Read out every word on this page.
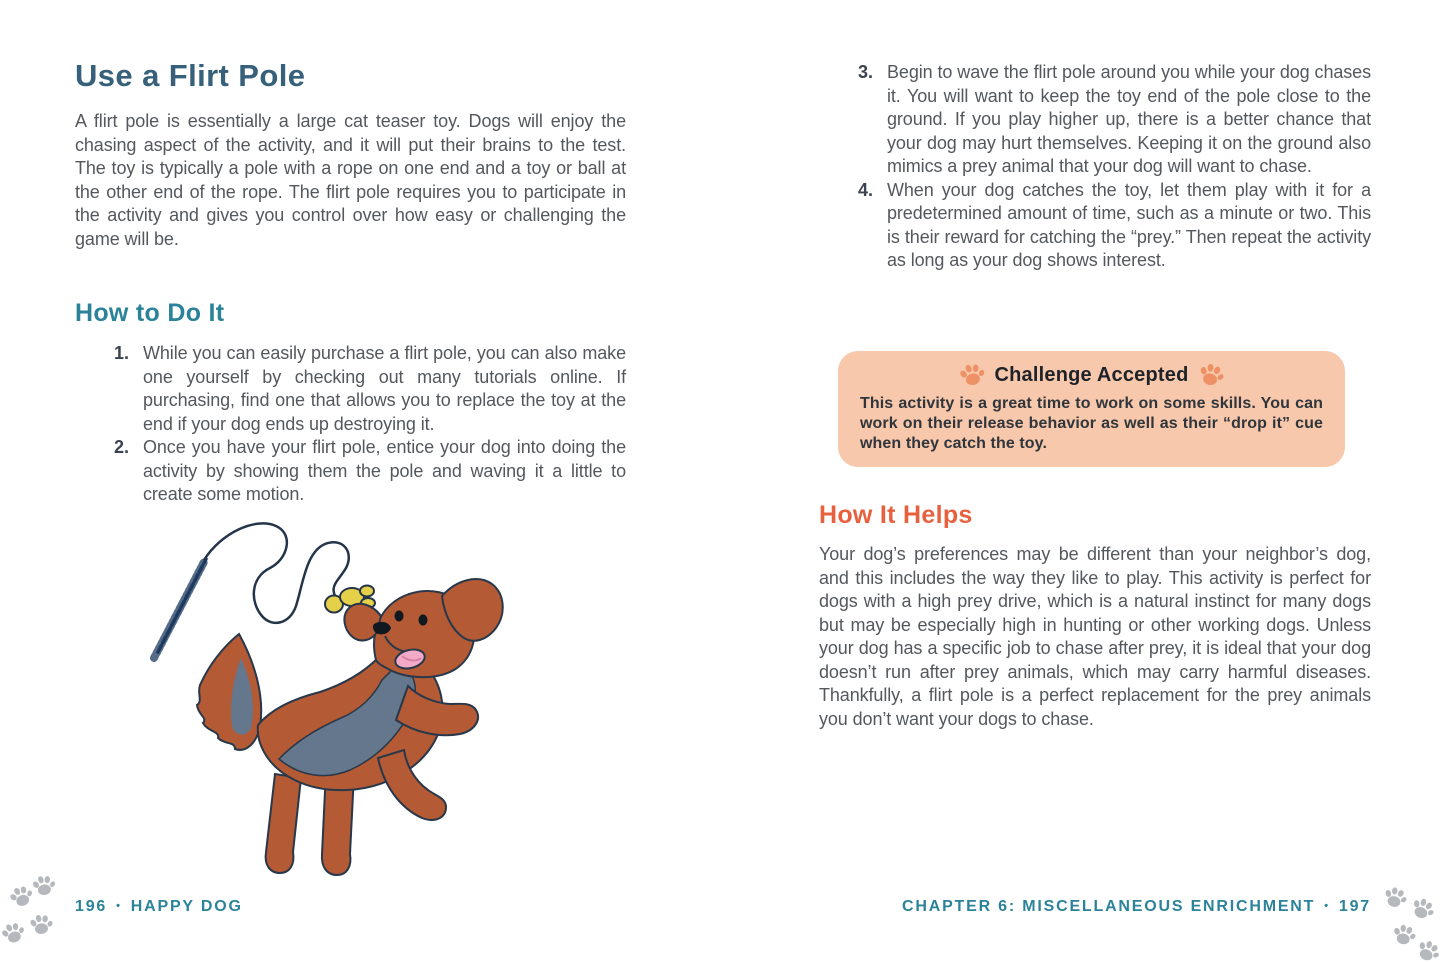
Use a Flirt Pole
A flirt pole is essentially a large cat teaser toy. Dogs will enjoy the chasing aspect of the activity, and it will put their brains to the test. The toy is typically a pole with a rope on one end and a toy or ball at the other end of the rope. The flirt pole requires you to participate in the activity and gives you control over how easy or challenging the game will be.
How to Do It
1. While you can easily purchase a flirt pole, you can also make one yourself by checking out many tutorials online. If purchasing, find one that allows you to replace the toy at the end if your dog ends up destroying it.
2. Once you have your flirt pole, entice your dog into doing the activity by showing them the pole and waving it a little to create some motion.
3. Begin to wave the flirt pole around you while your dog chases it. You will want to keep the toy end of the pole close to the ground. If you play higher up, there is a better chance that your dog may hurt themselves. Keeping it on the ground also mimics a prey animal that your dog will want to chase.
4. When your dog catches the toy, let them play with it for a predetermined amount of time, such as a minute or two. This is their reward for catching the “prey.” Then repeat the activity as long as your dog shows interest.
Challenge Accepted
This activity is a great time to work on some skills. You can work on their release behavior as well as their “drop it” cue when they catch the toy.
How It Helps
Your dog’s preferences may be different than your neighbor’s dog, and this includes the way they like to play. This activity is perfect for dogs with a high prey drive, which is a natural instinct for many dogs but may be especially high in hunting or other working dogs. Unless your dog has a specific job to chase after prey, it is ideal that your dog doesn’t run after prey animals, which may carry harmful diseases. Thankfully, a flirt pole is a perfect replacement for the prey animals you don’t want your dogs to chase.
196 • HAPPY DOG	CHAPTER 6: MISCELLANEOUS ENRICHMENT • 197
